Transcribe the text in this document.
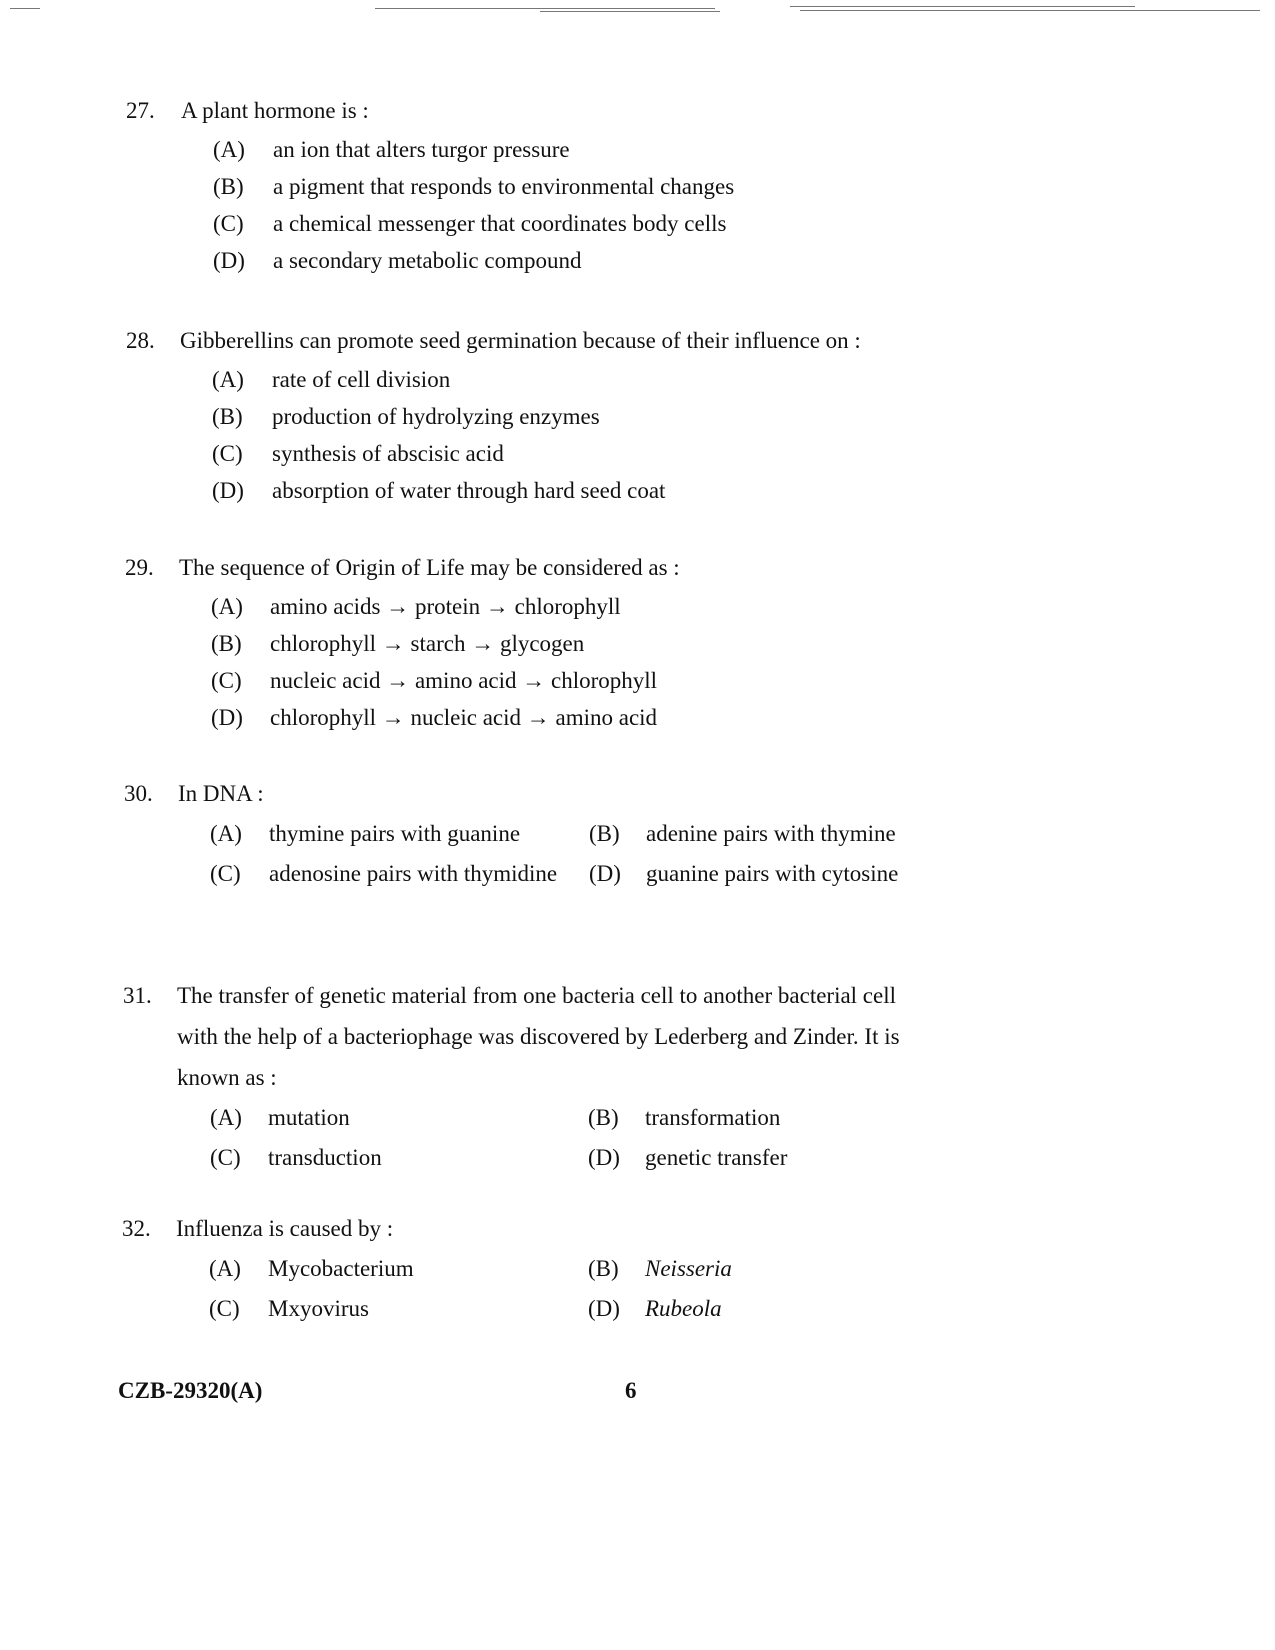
27. A plant hormone is :
(A) an ion that alters turgor pressure
(B) a pigment that responds to environmental changes
(C) a chemical messenger that coordinates body cells
(D) a secondary metabolic compound
28. Gibberellins can promote seed germination because of their influence on :
(A) rate of cell division
(B) production of hydrolyzing enzymes
(C) synthesis of abscisic acid
(D) absorption of water through hard seed coat
29. The sequence of Origin of Life may be considered as :
(A) amino acids → protein → chlorophyll
(B) chlorophyll → starch → glycogen
(C) nucleic acid → amino acid → chlorophyll
(D) chlorophyll → nucleic acid → amino acid
30. In DNA :
(A) thymine pairs with guanine	(B) adenine pairs with thymine
(C) adenosine pairs with thymidine (D) guanine pairs with cytosine
31. The transfer of genetic material from one bacteria cell to another bacterial cell with the help of a bacteriophage was discovered by Lederberg and Zinder. It is known as :
(A) mutation	(B) transformation
(C) transduction	(D) genetic transfer
32. Influenza is caused by :
(A) Mycobacterium	(B) Neisseria
(C) Mxyovirus	(D) Rubeola
CZB-29320(A)	6
